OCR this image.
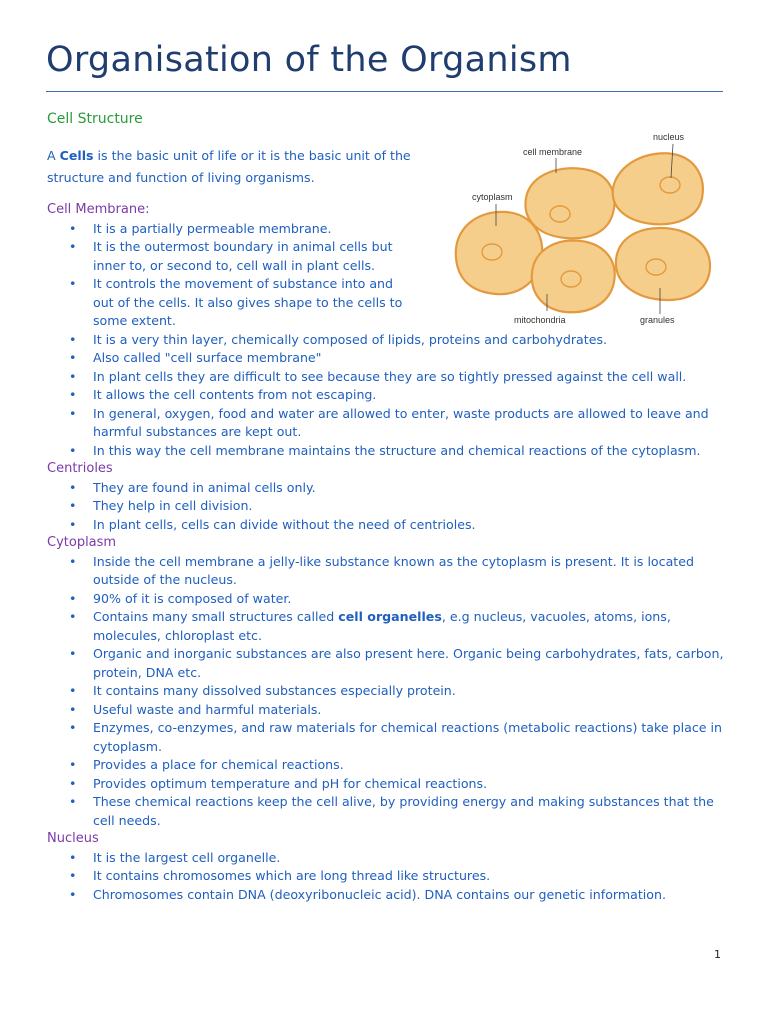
Organisation of the Organism
Cell Structure

A Cells is the basic unit of life or it is the basic unit of the structure and function of living organisms.

nucleus
cell membrane
cytoplasm
mitochondria	granules
Cell Membrane:
• It is a partially permeable membrane.
• It is the outermost boundary in animal cells but inner to, or second to, cell wall in plant cells.
• It controls the movement of substance into and out of the cells. It also gives shape to the cells to some extent.
• It is a very thin layer, chemically composed of lipids, proteins and carbohydrates.
• Also called "cell surface membrane"
• In plant cells they are difficult to see because they are so tightly pressed against the cell wall.
• It allows the cell contents from not escaping.
• In general, oxygen, food and water are allowed to enter, waste products are allowed to leave and harmful substances are kept out.
• In this way the cell membrane maintains the structure and chemical reactions of the cytoplasm.
Centrioles
• They are found in animal cells only.
• They help in cell division.
• In plant cells, cells can divide without the need of centrioles.
Cytoplasm
• Inside the cell membrane a jelly-like substance known as the cytoplasm is present. It is located outside of the nucleus.
• 90% of it is composed of water.
• Contains many small structures called cell organelles, e.g nucleus, vacuoles, atoms, ions, molecules, chloroplast etc.
• Organic and inorganic substances are also present here. Organic being carbohydrates, fats, carbon, protein, DNA etc.
• It contains many dissolved substances especially protein.
• Useful waste and harmful materials.
• Enzymes, co-enzymes, and raw materials for chemical reactions (metabolic reactions) take place in cytoplasm.
• Provides a place for chemical reactions.
• Provides optimum temperature and pH for chemical reactions.
• These chemical reactions keep the cell alive, by providing energy and making substances that the cell needs.
Nucleus
• It is the largest cell organelle.
• It contains chromosomes which are long thread like structures.
• Chromosomes contain DNA (deoxyribonucleic acid). DNA contains our genetic information.
1
